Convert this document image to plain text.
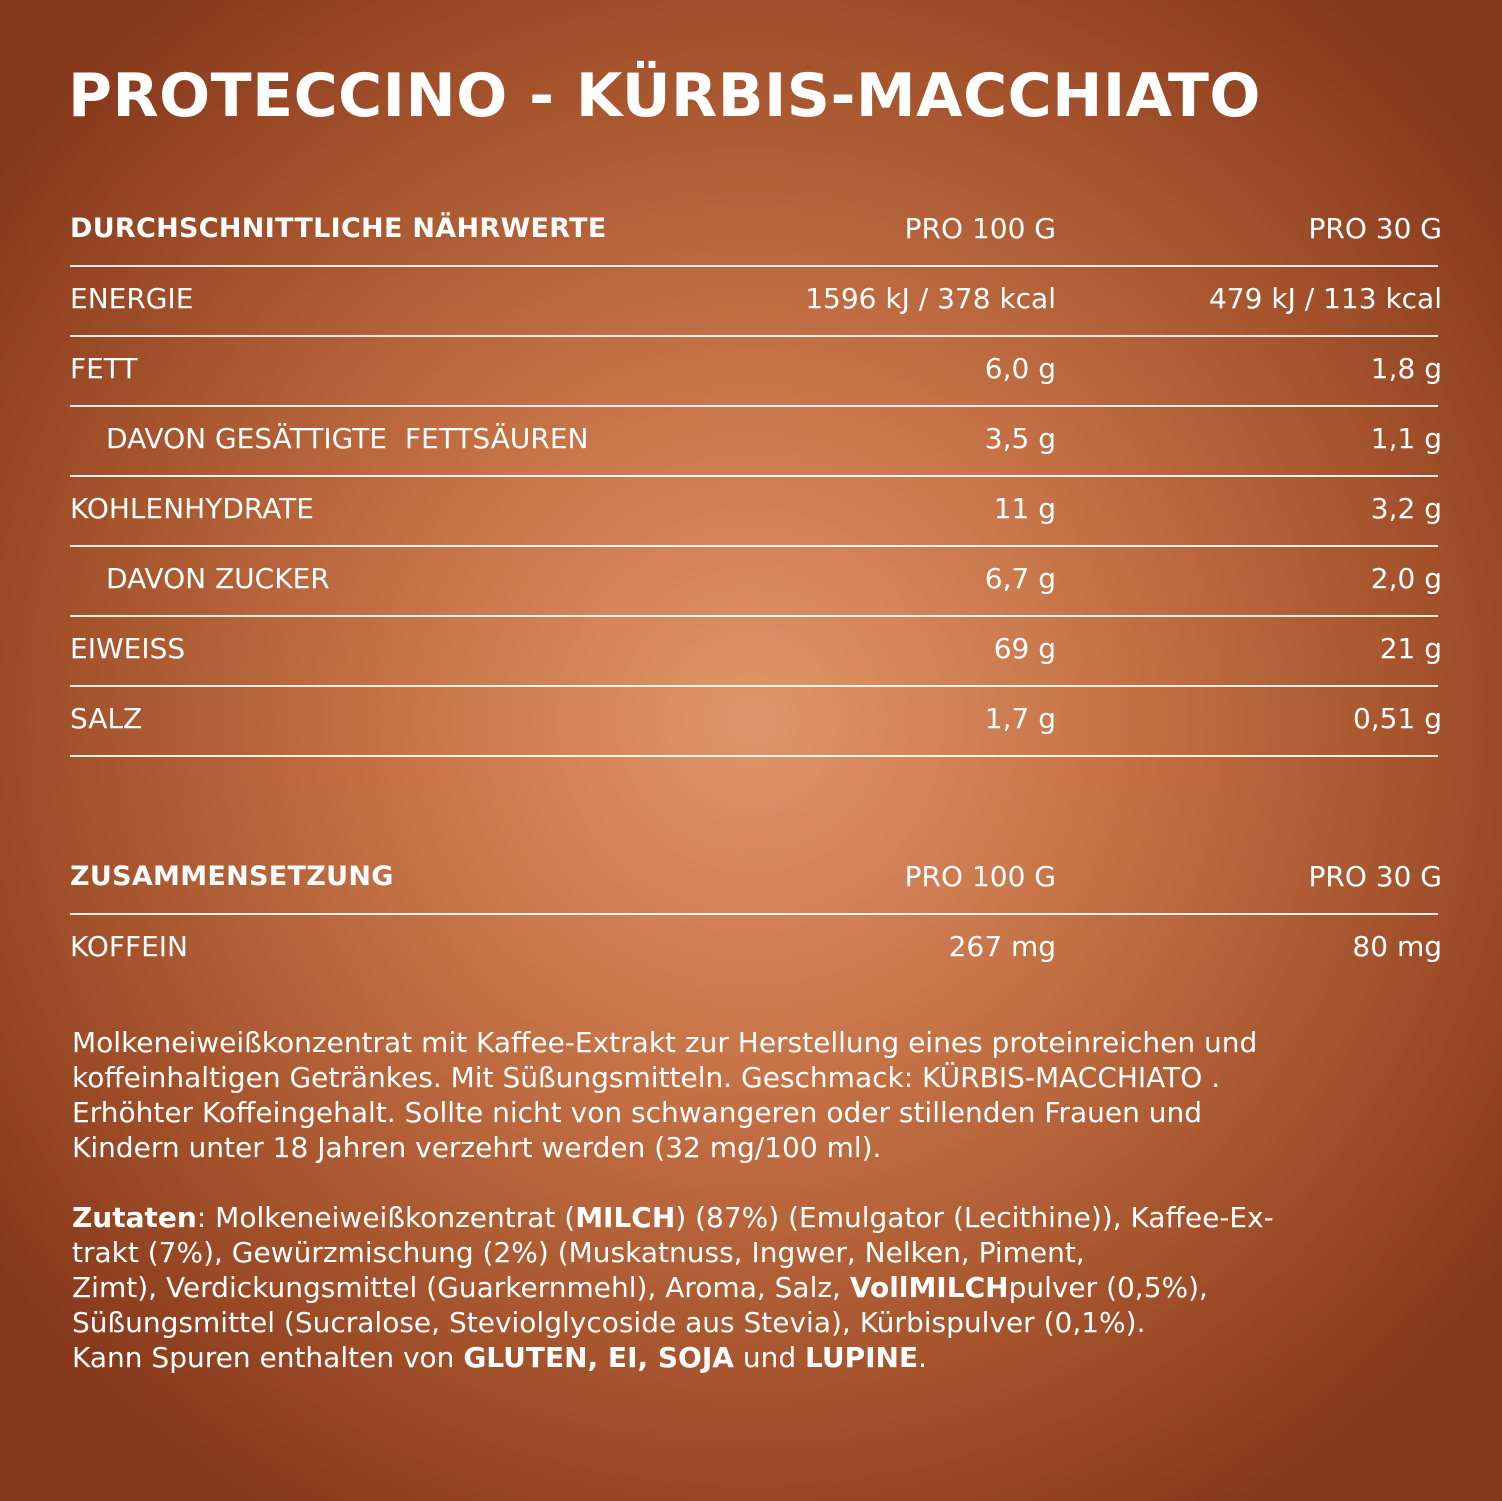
PROTECCINO - KÜRBIS-MACCHIATO
DURCHSCHNITTLICHE NÄHRWERTE	PRO 100 G	PRO 30 G
ENERGIE	1596 kJ / 378 kcal	479 kJ / 113 kcal
FETT	6,0 g	1,8 g
DAVON GESÄTTIGTE  FETTSÄUREN	3,5 g	1,1 g
KOHLENHYDRATE	11 g	3,2 g
DAVON ZUCKER	6,7 g	2,0 g
EIWEISS	69 g	21 g
SALZ	1,7 g	0,51 g
ZUSAMMENSETZUNG	PRO 100 G	PRO 30 G
KOFFEIN	267 mg	80 mg
Molkeneiweißkonzentrat mit Kaffee-Extrakt zur Herstellung eines proteinreichen und
koffeinhaltigen Getränkes. Mit Süßungsmitteln. Geschmack: KÜRBIS-MACCHIATO .
Erhöhter Koffeingehalt. Sollte nicht von schwangeren oder stillenden Frauen und
Kindern unter 18 Jahren verzehrt werden (32 mg/100 ml).
Zutaten: Molkeneiweißkonzentrat (MILCH) (87%) (Emulgator (Lecithine)), Kaffee-Ex-
trakt (7%), Gewürzmischung (2%) (Muskatnuss, Ingwer, Nelken, Piment,
Zimt), Verdickungsmittel (Guarkernmehl), Aroma, Salz, VollMILCHpulver (0,5%),
Süßungsmittel (Sucralose, Steviolglycoside aus Stevia), Kürbispulver (0,1%).
Kann Spuren enthalten von GLUTEN, EI, SOJA und LUPINE.
